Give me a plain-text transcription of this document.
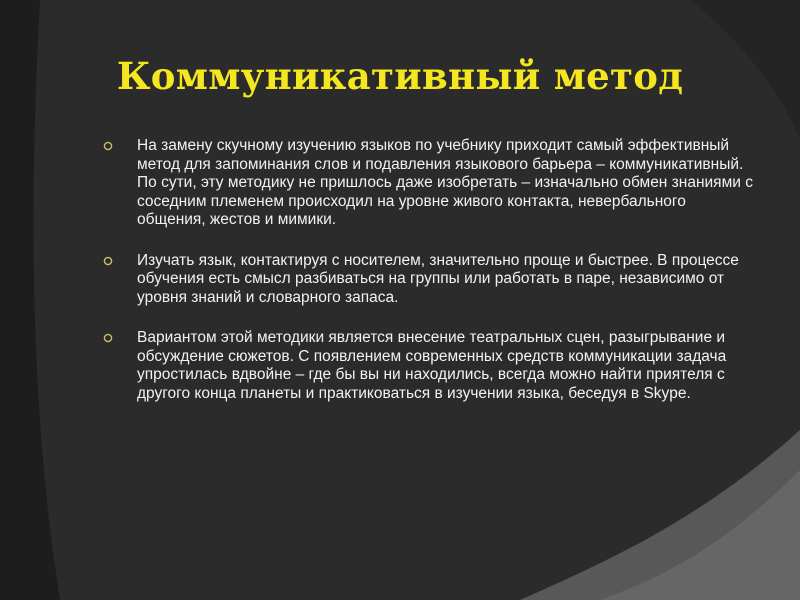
Коммуникативный метод
На замену скучному изучению языков по учебнику приходит самый эффективный метод для запоминания слов и подавления языкового барьера – коммуникативный. По сути, эту методику не пришлось даже изобретать – изначально обмен знаниями с соседним племенем происходил на уровне живого контакта, невербального общения, жестов и мимики.
Изучать язык, контактируя с носителем, значительно проще и быстрее. В процессе обучения есть смысл разбиваться на группы или работать в паре, независимо от уровня знаний и словарного запаса.
Вариантом этой методики является внесение театральных сцен, разыгрывание и обсуждение сюжетов. С появлением современных средств коммуникации задача упростилась вдвойне – где бы вы ни находились, всегда можно найти приятеля с другого конца планеты и практиковаться в изучении языка, беседуя в Skype.
